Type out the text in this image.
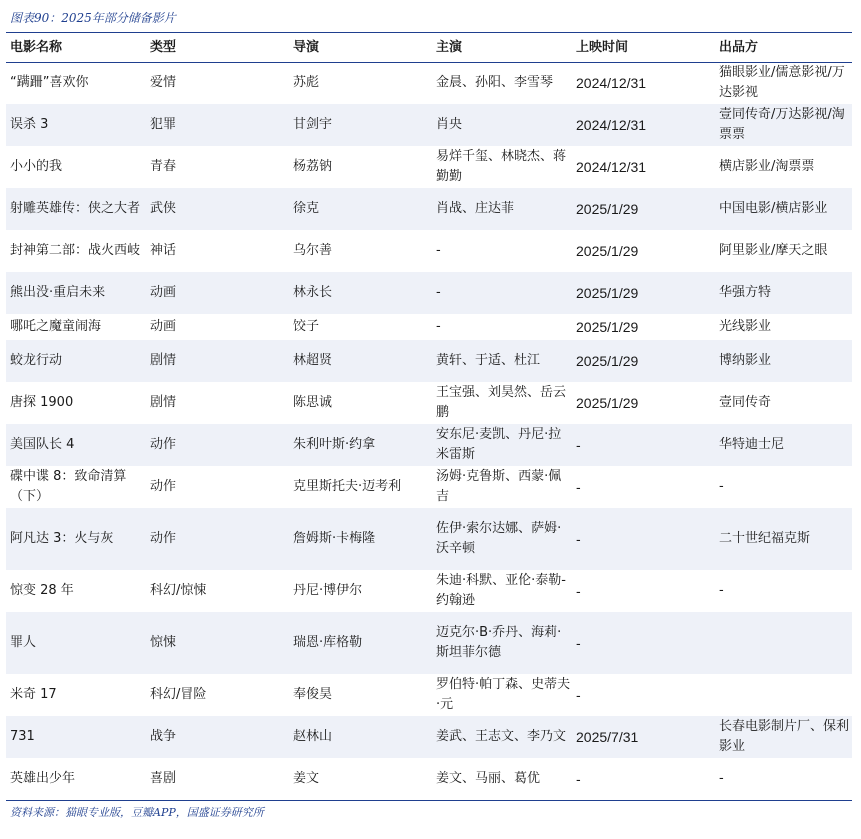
图表90：2025年部分储备影片
电影名称	类型	导演	主演	上映时间	出品方
“蹒跚”喜欢你	爱情	苏彪	金晨、孙阳、李雪琴	2024/12/31	猫眼影业/儒意影视/万达影视
误杀 3	犯罪	甘剑宇	肖央	2024/12/31	壹同传奇/万达影视/淘票票
小小的我	青春	杨荔钠	易烊千玺、林晓杰、蒋勤勤	2024/12/31	横店影业/淘票票
射雕英雄传：侠之大者	武侠	徐克	肖战、庄达菲	2025/1/29	中国电影/横店影业
封神第二部：战火西岐	神话	乌尔善	-	2025/1/29	阿里影业/摩天之眼
熊出没·重启未来	动画	林永长	-	2025/1/29	华强方特
哪吒之魔童闹海	动画	饺子	-	2025/1/29	光线影业
蛟龙行动	剧情	林超贤	黄轩、于适、杜江	2025/1/29	博纳影业
唐探 1900	剧情	陈思诚	王宝强、刘昊然、岳云鹏	2025/1/29	壹同传奇
美国队长 4	动作	朱利叶斯·约拿	安东尼·麦凯、丹尼·拉米雷斯	-	华特迪士尼
碟中谍 8：致命清算（下）	动作	克里斯托夫·迈考利	汤姆·克鲁斯、西蒙·佩吉	-	-
阿凡达 3：火与灰	动作	詹姆斯·卡梅隆	佐伊·索尔达娜、萨姆·沃辛顿	-	二十世纪福克斯
惊变 28 年	科幻/惊悚	丹尼·博伊尔	朱迪·科默、亚伦·泰勒-约翰逊	-	-
罪人	惊悚	瑞恩·库格勒	迈克尔·B·乔丹、海莉·斯坦菲尔德	-	
米奇 17	科幻/冒险	奉俊昊	罗伯特·帕丁森、史蒂夫·元	-	
731	战争	赵林山	姜武、王志文、李乃文	2025/7/31	长春电影制片厂、保利影业
英雄出少年	喜剧	姜文	姜文、马丽、葛优	-	-
资料来源：猫眼专业版，豆瓣APP，国盛证券研究所
